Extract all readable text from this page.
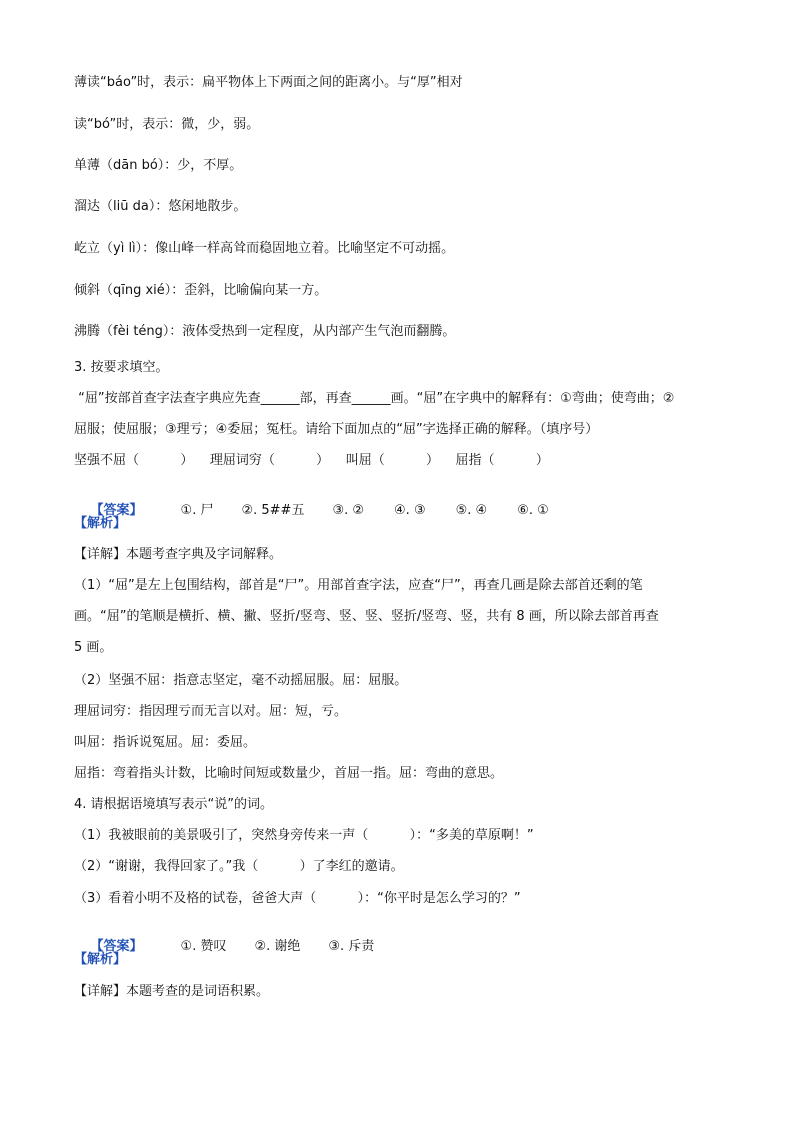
薄读“báo”时，表示：扁平物体上下两面之间的距离小。与“厚”相对
读“bó”时，表示：微，少，弱。
单薄（dān bó）：少，不厚。
溜达（liū da）：悠闲地散步。
屹立（yì lì）：像山峰一样高耸而稳固地立着。比喻坚定不可动摇。
倾斜（qīng xié）：歪斜，比喻偏向某一方。
沸腾（fèi téng）：液体受热到一定程度，从内部产生气泡而翻腾。
3. 按要求填空。
“屈”按部首查字法查字典应先查______部，再查______画。“屈”在字典中的解释有：①弯曲；使弯曲；②
屈服；使屈服；③理亏；④委屈；冤枉。请给下面加点的“屈”字选择正确的解释。（填序号）
坚强不屈（          ）    理屈词穷（          ）    叫屈（          ）    屈指（          ）

【答案】	①. 尸 ②. 5##五 ③. ② ④. ③ ⑤. ④ ⑥. ①

【解析】
【详解】本题考查字典及字词解释。
（1）“屈”是左上包围结构，部首是“尸”。用部首查字法，应查“尸”，再查几画是除去部首还剩的笔
画。“屈”的笔顺是横折、横、撇、竖折/竖弯、竖、竖、竖折/竖弯、竖，共有 8 画，所以除去部首再查
5 画。
（2）坚强不屈：指意志坚定，毫不动摇屈服。屈：屈服。
理屈词穷：指因理亏而无言以对。屈：短，亏。
叫屈：指诉说冤屈。屈：委屈。
屈指：弯着指头计数，比喻时间短或数量少，首屈一指。屈：弯曲的意思。
4. 请根据语境填写表示“说”的词。
（1）我被眼前的美景吸引了，突然身旁传来一声（          ）：“多美的草原啊！”
（2）“谢谢，我得回家了。”我（          ）了李红的邀请。
（3）看着小明不及格的试卷，爸爸大声（          ）：“你平时是怎么学习的？”

【答案】	①. 赞叹 ②. 谢绝 ③. 斥责

【解析】
【详解】本题考查的是词语积累。
